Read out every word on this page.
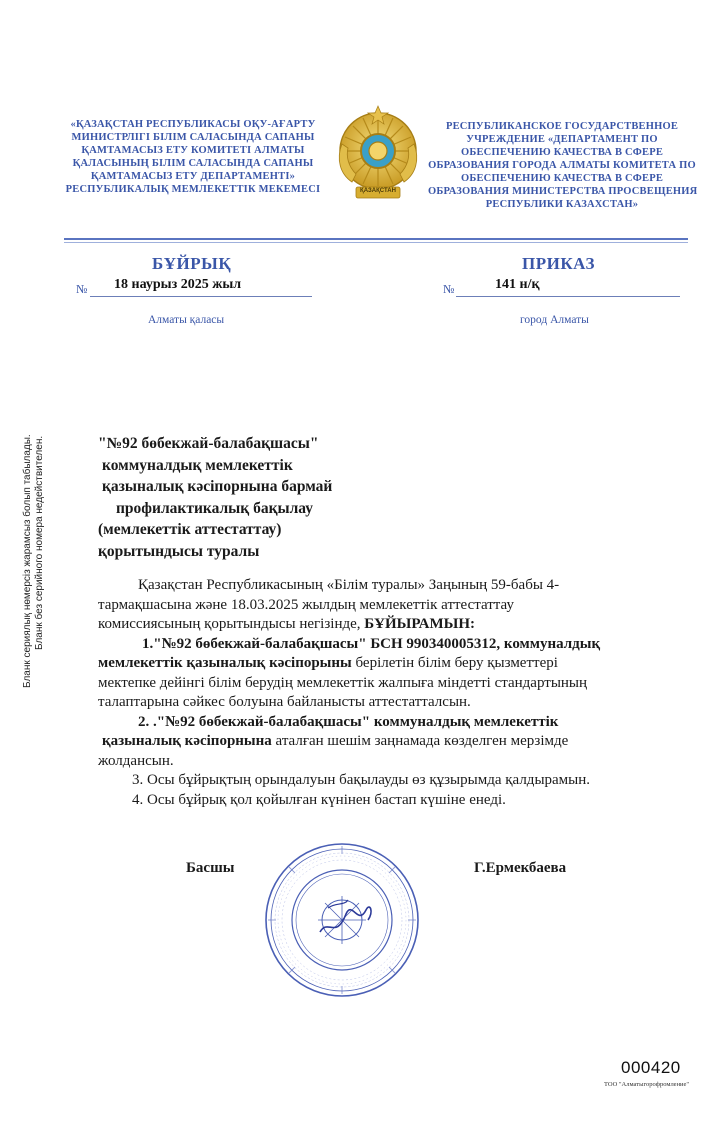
«ҚАЗАҚСТАН РЕСПУБЛИКАСЫ ОҚУ-АҒАРТУ
МИНИСТРЛІГІ БІЛІМ САЛАСЫНДА САПАНЫ
ҚАМТАМАСЫЗ ЕТУ КОМИТЕТІ АЛМАТЫ
ҚАЛАСЫНЫҢ БІЛІМ САЛАСЫНДА САПАНЫ
ҚАМТАМАСЫЗ ЕТУ ДЕПАРТАМЕНТІ»
РЕСПУБЛИКАЛЫҚ МЕМЛЕКЕТТІК МЕКЕМЕСІ	ҚАЗАҚСТАН
РЕСПУБЛИКАНСКОЕ ГОСУДАРСТВЕННОЕ
УЧРЕЖДЕНИЕ «ДЕПАРТАМЕНТ ПО
ОБЕСПЕЧЕНИЮ КАЧЕСТВА В СФЕРЕ
ОБРАЗОВАНИЯ ГОРОДА АЛМАТЫ КОМИТЕТА ПО
ОБЕСПЕЧЕНИЮ КАЧЕСТВА В СФЕРЕ
ОБРАЗОВАНИЯ МИНИСТЕРСТВА ПРОСВЕЩЕНИЯ
РЕСПУБЛИКИ КАЗАХСТАН»
БҰЙРЫҚ	ПРИКАЗ
№ 18 наурыз 2025 жыл	№	141 н/қ
Алматы қаласы	город Алматы
"№92 бөбекжай-балабақшасы"
коммуналдық мемлекеттік
қазыналық кәсіпорнына бармай
профилактикалық бақылау
(мемлекеттік аттестаттау)
қорытындысы туралы
Қазақстан Республикасының «Білім туралы» Заңының 59-бабы 4-
тармақшасына және 18.03.2025 жылдың мемлекеттік аттестаттау
комиссиясының қорытындысы негізінде, БҰЙЫРАМЫН:
1."№92 бөбекжай-балабақшасы" БСН 990340005312, коммуналдық
мемлекеттік қазыналық кәсіпорыны берілетін білім беру қызметтері
мектепке дейінгі білім берудің мемлекеттік жалпыға міндетті стандартының
талаптарына сәйкес болуына байланысты аттестатталсын.
2. ."№92 бөбекжай-балабақшасы" коммуналдық мемлекеттік
қазыналық кәсіпорнына аталған шешім заңнамада көзделген мерзімде
жолдансын.
3. Осы бұйрықтың орындалуын бақылауды өз құзырымда қалдырамын.
4. Осы бұйрық қол қойылған күнінен бастап күшіне енеді.
Басшы	Г.Ермекбаева
Бланк сериялық нөмерсіз жарамсыз болып табылады. Бланк без серийного номера недействителен.
000420
ТОО "Алматыгорофромление"
